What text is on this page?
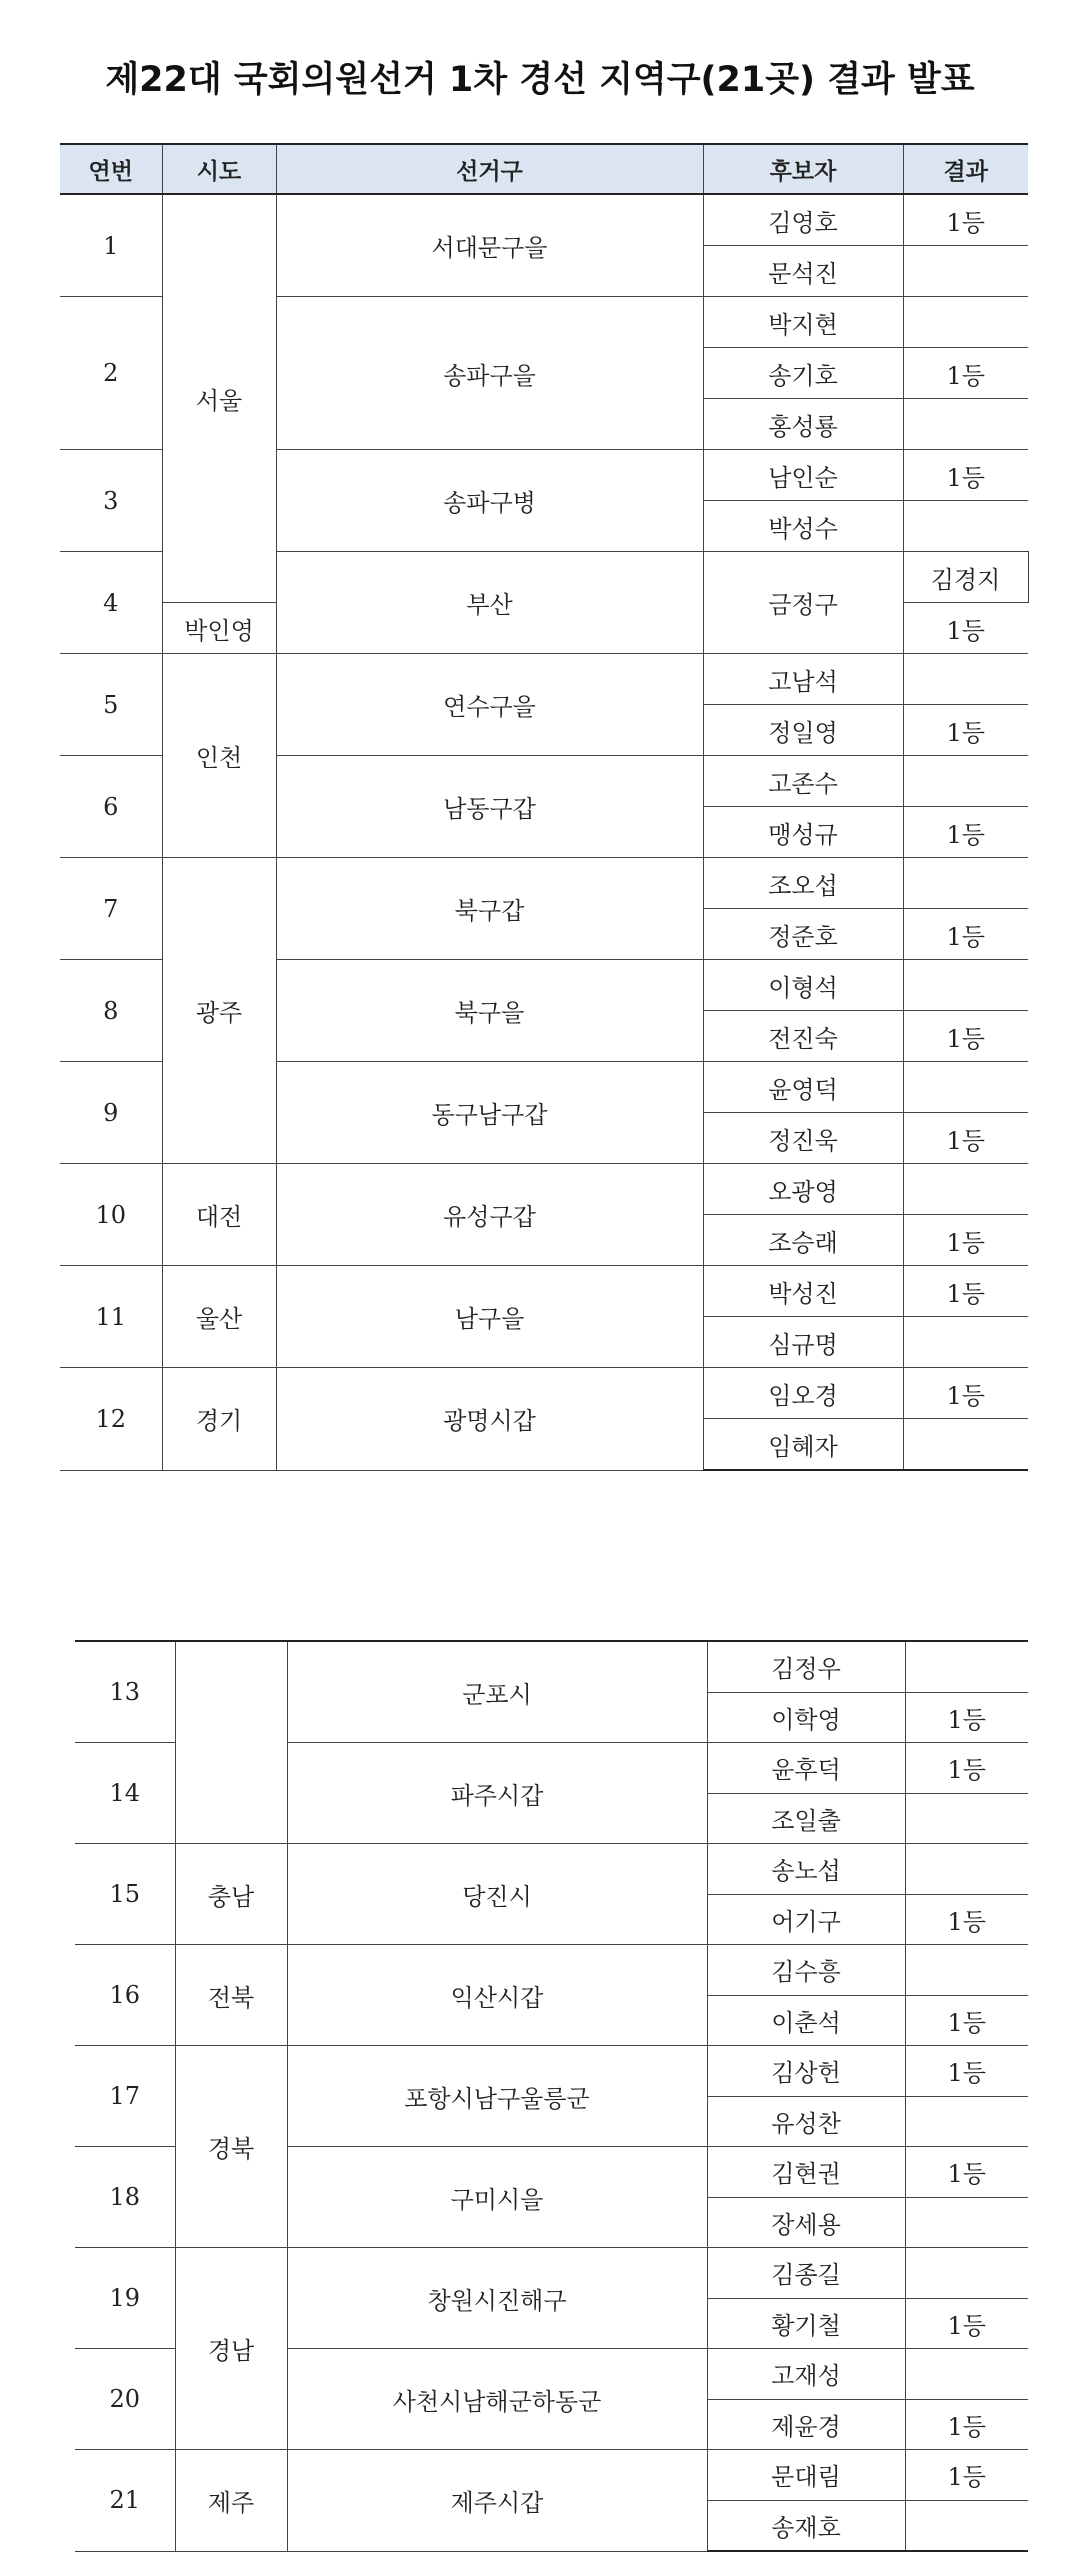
제22대 국회의원선거 1차 경선 지역구(21곳) 결과 발표
연번	시도	선거구	후보자	결과	
1	서울	서대문구을	김영호	1등	
			문석진		
2		송파구을	박지현		
			송기호	1등	
			홍성룡		
3		송파구병	남인순	1등	
			박성수		
4		부산	금정구	김경지	
	박인영			1등	
5	인천	연수구을	고남석		
			정일영	1등	
6		남동구갑	고존수		
			맹성규	1등	
7	광주	북구갑	조오섭		
			정준호	1등	
8		북구을	이형석		
			전진숙	1등	
9		동구남구갑	윤영덕		
			정진욱	1등	
10	대전	유성구갑	오광영		
			조승래	1등	
11	울산	남구을	박성진	1등	
			심규명		
12	경기	광명시갑	임오경	1등	
			임혜자		
13		군포시	김정우	
			이학영	1등
14		파주시갑	윤후덕	1등
			조일출	
15	충남	당진시	송노섭	
			어기구	1등
16	전북	익산시갑	김수흥	
			이춘석	1등
17	경북	포항시남구울릉군	김상헌	1등
			유성찬	
18		구미시을	김현권	1등
			장세용	
19	경남	창원시진해구	김종길	
			황기철	1등
20		사천시남해군하동군	고재성	
			제윤경	1등
21	제주	제주시갑	문대림	1등
			송재호	
